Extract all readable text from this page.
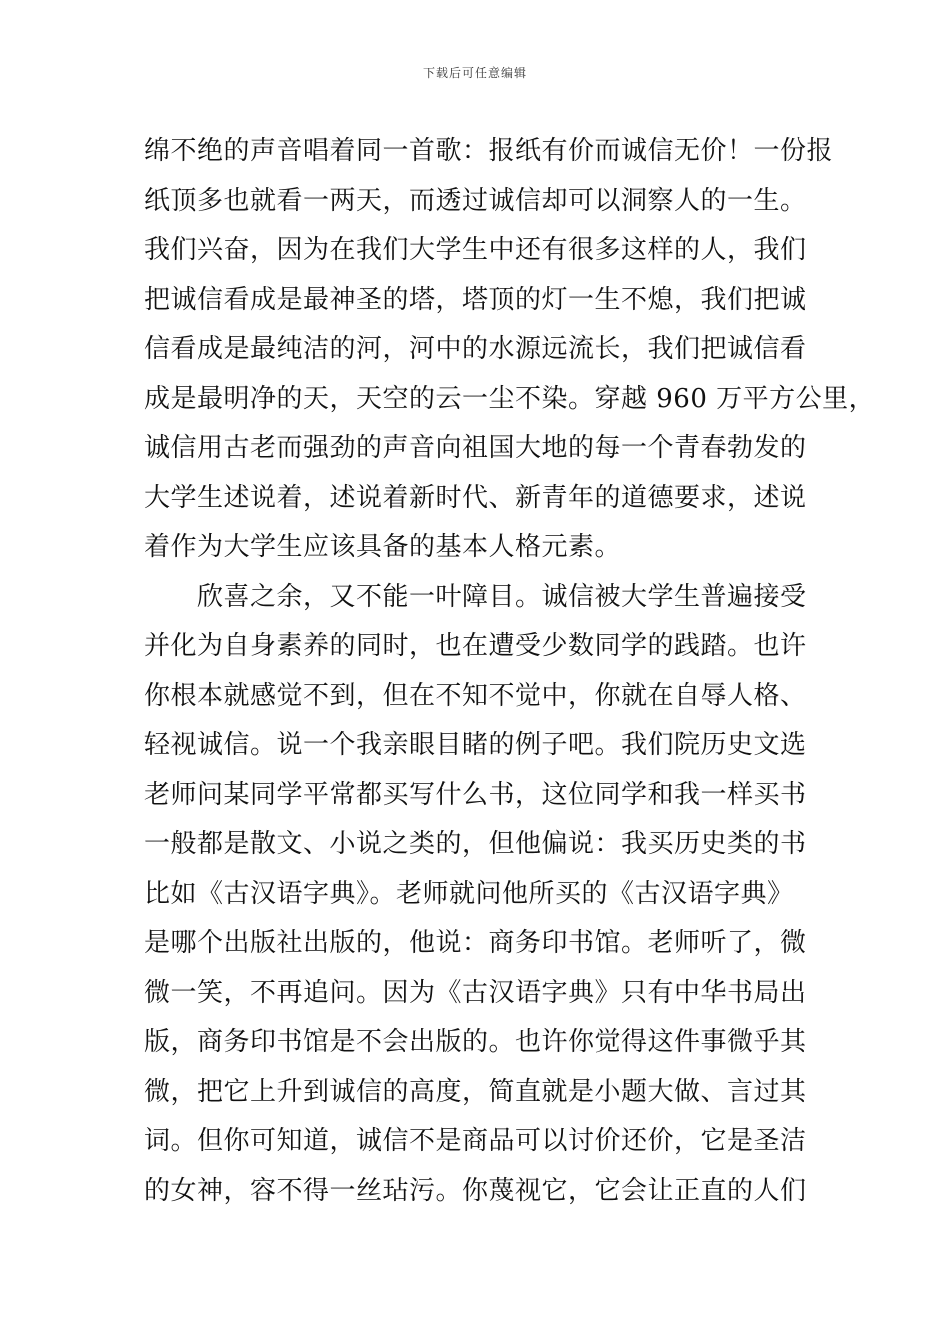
下载后可任意编辑
绵不绝的声音唱着同一首歌：报纸有价而诚信无价！一份报
纸顶多也就看一两天，而透过诚信却可以洞察人的一生。
我们兴奋，因为在我们大学生中还有很多这样的人，我们
把诚信看成是最神圣的塔，塔顶的灯一生不熄，我们把诚
信看成是最纯洁的河，河中的水源远流长，我们把诚信看
成是最明净的天，天空的云一尘不染。穿越 960 万平方公里，
诚信用古老而强劲的声音向祖国大地的每一个青春勃发的
大学生述说着，述说着新时代、新青年的道德要求，述说
着作为大学生应该具备的基本人格元素。
　　欣喜之余，又不能一叶障目。诚信被大学生普遍接受
并化为自身素养的同时，也在遭受少数同学的践踏。也许
你根本就感觉不到，但在不知不觉中，你就在自辱人格、
轻视诚信。说一个我亲眼目睹的例子吧。我们院历史文选
老师问某同学平常都买写什么书，这位同学和我一样买书
一般都是散文、小说之类的，但他偏说：我买历史类的书
比如《古汉语字典》。老师就问他所买的《古汉语字典》
是哪个出版社出版的，他说：商务印书馆。老师听了，微
微一笑，不再追问。因为《古汉语字典》只有中华书局出
版，商务印书馆是不会出版的。也许你觉得这件事微乎其
微，把它上升到诚信的高度，简直就是小题大做、言过其
词。但你可知道，诚信不是商品可以讨价还价，它是圣洁
的女神，容不得一丝玷污。你蔑视它，它会让正直的人们
